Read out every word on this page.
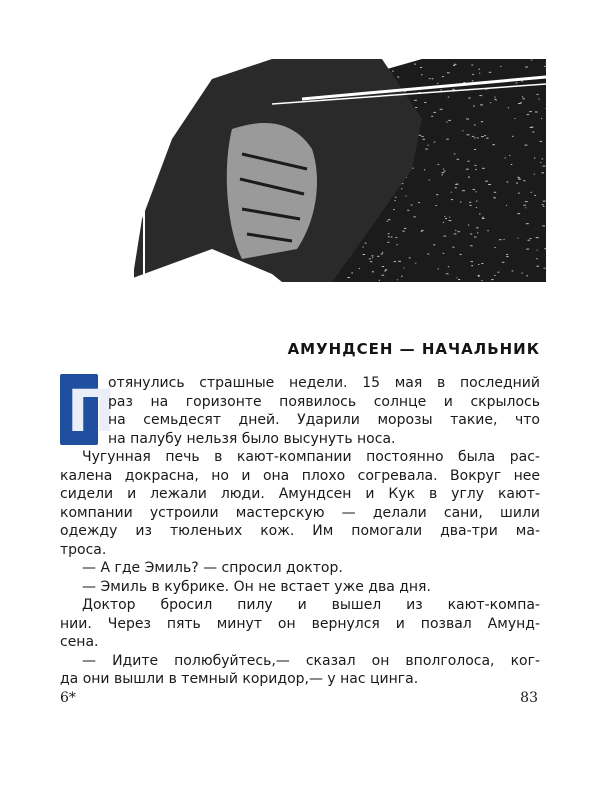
АМУНДСЕН — НАЧАЛЬНИК
П
отянулись страшные недели. 15 мая в последний
раз на горизонте появилось солнце и скрылось
на семьдесят дней. Ударили морозы такие, что
на палубу нельзя было высунуть носа.
Чугунная печь в кают-компании постоянно была рас-
калена докрасна, но и она плохо согревала. Вокруг нее
сидели и лежали люди. Амундсен и Кук в углу кают-
компании устроили мастерскую — делали сани, шили
одежду из тюленьих кож. Им помогали два-три ма-
троса.
— А где Эмиль? — спросил доктор.
— Эмиль в кубрике. Он не встает уже два дня.
Доктор бросил пилу и вышел из кают-компа-
нии. Через пять минут он вернулся и позвал Амунд-
сена.
— Идите полюбуйтесь,— сказал он вполголоса, ког-
6*	83
да они вышли в темный коридор,— у нас цинга.
